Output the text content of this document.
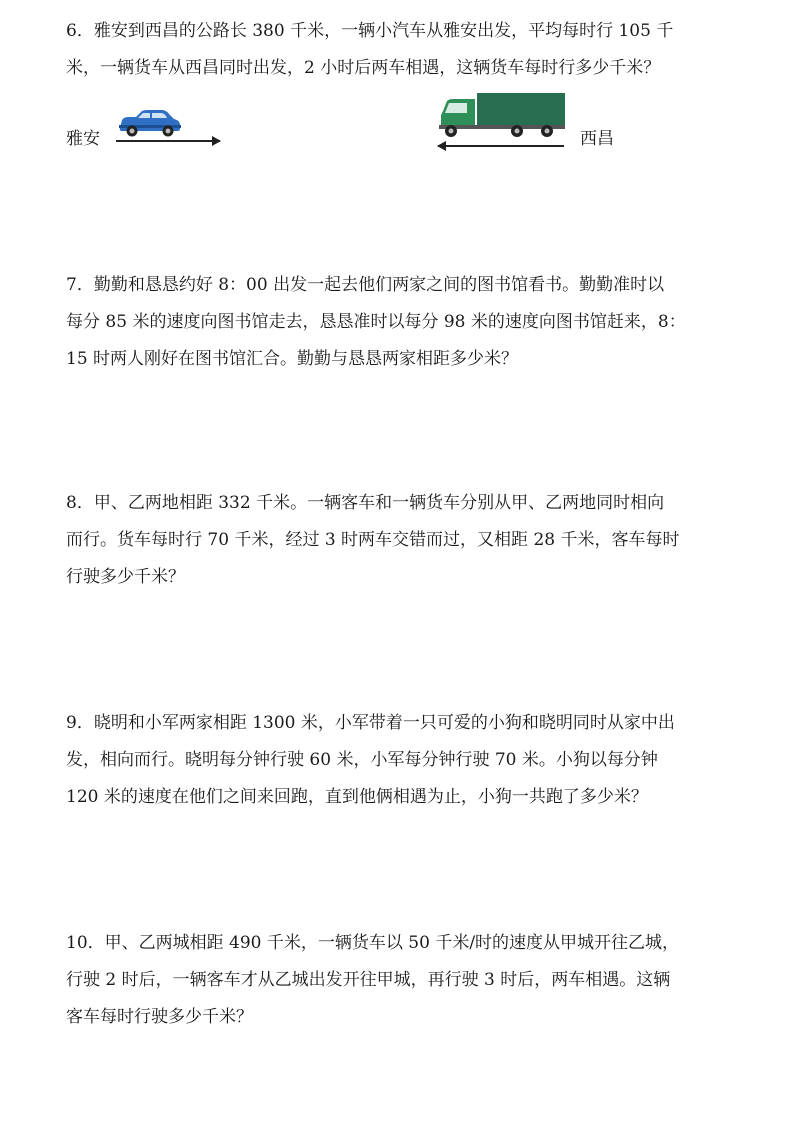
6．雅安到西昌的公路长 380 千米，一辆小汽车从雅安出发，平均每时行 105 千
米，一辆货车从西昌同时出发，2 小时后两车相遇，这辆货车每时行多少千米？
雅安	西昌
7．勤勤和恳恳约好 8：00 出发一起去他们两家之间的图书馆看书。勤勤准时以
每分 85 米的速度向图书馆走去，恳恳准时以每分 98 米的速度向图书馆赶来，8：
15 时两人刚好在图书馆汇合。勤勤与恳恳两家相距多少米？
8．甲、乙两地相距 332 千米。一辆客车和一辆货车分别从甲、乙两地同时相向
而行。货车每时行 70 千米，经过 3 时两车交错而过，又相距 28 千米，客车每时
行驶多少千米？
9．晓明和小军两家相距 1300 米，小军带着一只可爱的小狗和晓明同时从家中出
发，相向而行。晓明每分钟行驶 60 米，小军每分钟行驶 70 米。小狗以每分钟
120 米的速度在他们之间来回跑，直到他俩相遇为止，小狗一共跑了多少米？
10．甲、乙两城相距 490 千米，一辆货车以 50 千米/时的速度从甲城开往乙城，
行驶 2 时后，一辆客车才从乙城出发开往甲城，再行驶 3 时后，两车相遇。这辆
客车每时行驶多少千米？
